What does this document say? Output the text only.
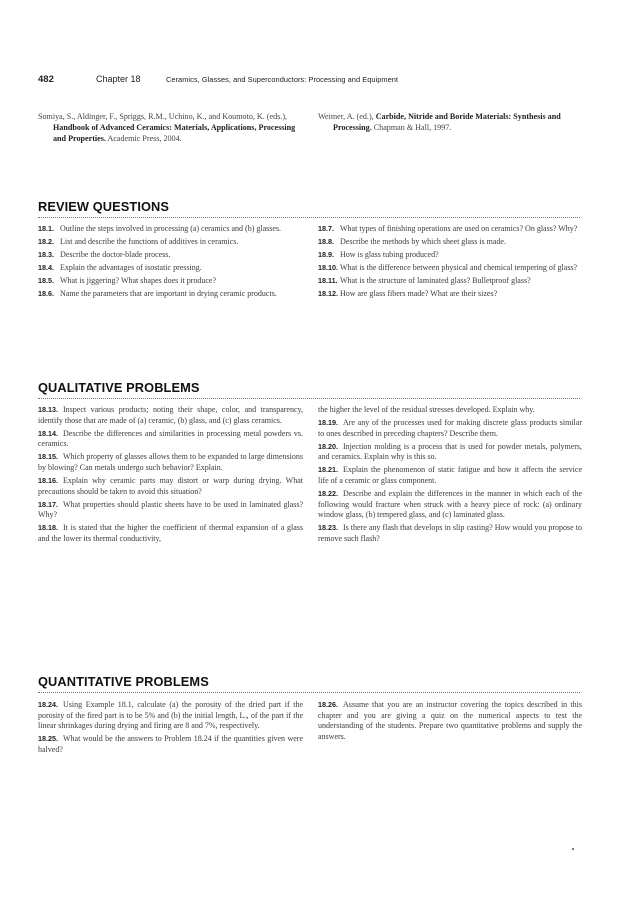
482	Chapter 18	Ceramics, Glasses, and Superconductors: Processing and Equipment

Somiya, S., Aldinger, F., Spriggs, R.M., Uchino, K., and Koumoto, K. (eds.), Handbook of Advanced Ceramics: Materials, Applications, Processing and Properties. Academic Press, 2004.

Weimer, A. (ed.), Carbide, Nitride and Boride Materials: Synthesis and Processing. Chapman & Hall, 1997.

REVIEW QUESTIONS

18.1. Outline the steps involved in processing (a) ceramics and (b) glasses.

18.2. List and describe the functions of additives in ceramics.

18.3. Describe the doctor-blade process.

18.4. Explain the advantages of isostatic pressing.

18.5. What is jiggering? What shapes does it produce?

18.6. Name the parameters that are important in drying ceramic products.

18.7. What types of finishing operations are used on ceramics? On glass? Why?

18.8. Describe the methods by which sheet glass is made.

18.9. How is glass tubing produced?

18.10. What is the difference between physical and chemical tempering of glass?

18.11. What is the structure of laminated glass? Bulletproof glass?

18.12. How are glass fibers made? What are their sizes?

QUALITATIVE PROBLEMS

18.13. Inspect various products; noting their shape, color, and transparency, identify those that are made of (a) ceramic, (b) glass, and (c) glass ceramics.

18.14. Describe the differences and similarities in processing metal powders vs. ceramics.

18.15. Which property of glasses allows them to be expanded to large dimensions by blowing? Can metals undergo such behavior? Explain.

18.16. Explain why ceramic parts may distort or warp during drying. What precautions should be taken to avoid this situation?

18.17. What properties should plastic sheets have to be used in laminated glass? Why?

18.18. It is stated that the higher the coefficient of thermal expansion of a glass and the lower its thermal conductivity,

the higher the level of the residual stresses developed. Explain why.

18.19. Are any of the processes used for making discrete glass products similar to ones described in preceding chapters? Describe them.

18.20. Injection molding is a process that is used for powder metals, polymers, and ceramics. Explain why is this so.

18.21. Explain the phenomenon of static fatigue and how it affects the service life of a ceramic or glass component.

18.22. Describe and explain the differences in the manner in which each of the following would fracture when struck with a heavy piece of rock: (a) ordinary window glass, (b) tempered glass, and (c) laminated glass.

18.23. Is there any flash that develops in slip casting? How would you propose to remove such flash?

QUANTITATIVE PROBLEMS

18.24. Using Example 18.1, calculate (a) the porosity of the dried part if the porosity of the fired part is to be 5% and (b) the initial length, Lₒ, of the part if the linear shrinkages during drying and firing are 8 and 7%, respectively.

18.25. What would be the answers to Problem 18.24 if the quantities given were halved?

18.26. Assume that you are an instructor covering the topics described in this chapter and you are giving a quiz on the numerical aspects to test the understanding of the students. Prepare two quantitative problems and supply the answers.
